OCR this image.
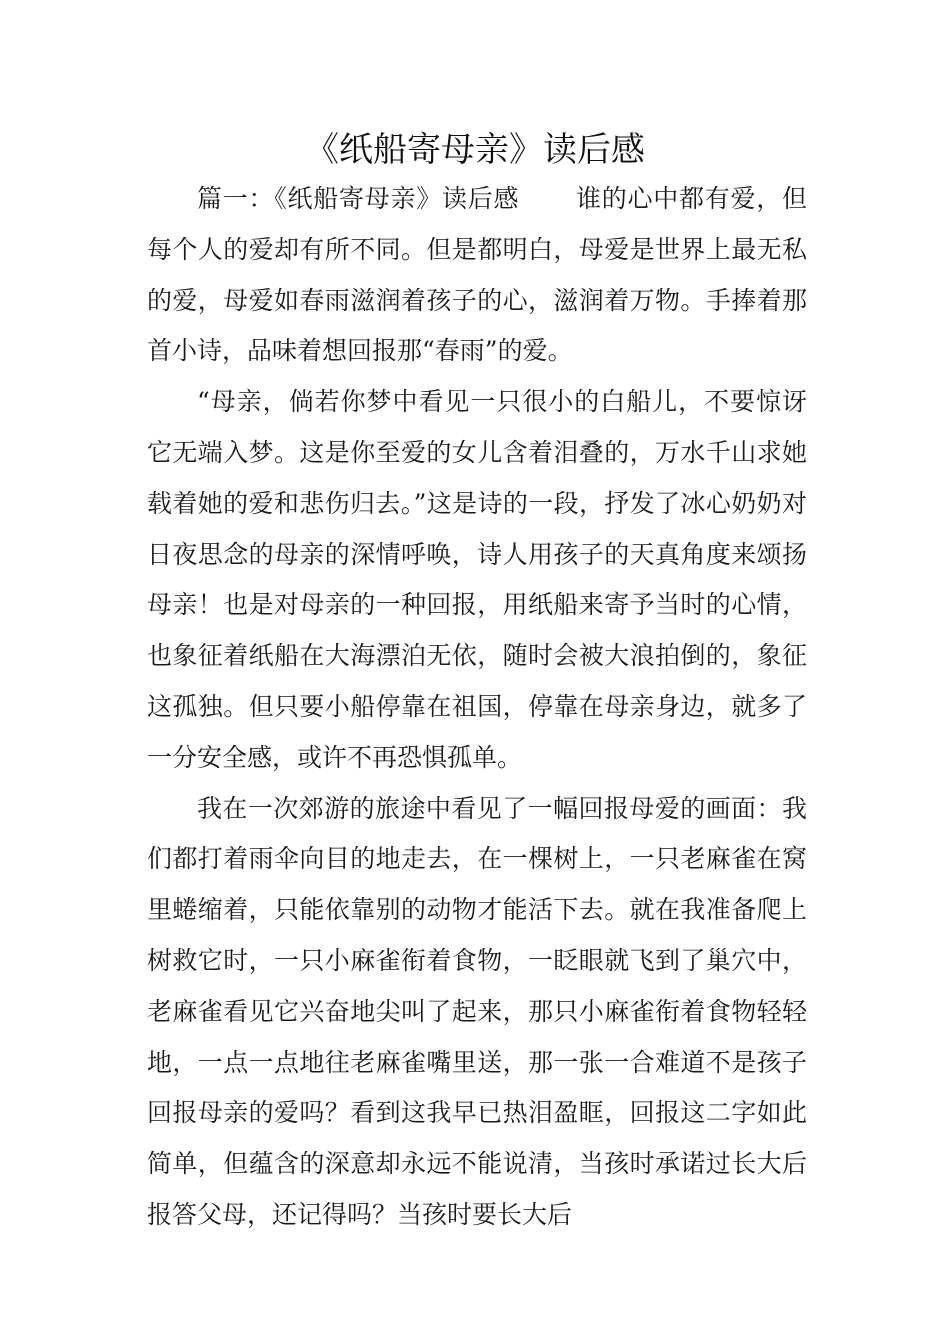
《纸船寄母亲》读后感

篇一：《纸船寄母亲》读后感 谁的心中都有爱，但每个人的爱却有所不同。但是都明白，母爱是世界上最无私的爱，母爱如春雨滋润着孩子的心，滋润着万物。手捧着那首小诗，品味着想回报那“春雨”的爱。

“母亲，倘若你梦中看见一只很小的白船儿，不要惊讶它无端入梦。这是你至爱的女儿含着泪叠的，万水千山求她载着她的爱和悲伤归去。”这是诗的一段，抒发了冰心奶奶对日夜思念的母亲的深情呼唤，诗人用孩子的天真角度来颂扬母亲！也是对母亲的一种回报，用纸船来寄予当时的心情，也象征着纸船在大海漂泊无依，随时会被大浪拍倒的，象征这孤独。但只要小船停靠在祖国，停靠在母亲身边，就多了一分安全感，或许不再恐惧孤单。

我在一次郊游的旅途中看见了一幅回报母爱的画面：我们都打着雨伞向目的地走去，在一棵树上，一只老麻雀在窝里蜷缩着，只能依靠别的动物才能活下去。就在我准备爬上树救它时，一只小麻雀衔着食物，一眨眼就飞到了巢穴中，老麻雀看见它兴奋地尖叫了起来，那只小麻雀衔着食物轻轻地，一点一点地往老麻雀嘴里送，那一张一合难道不是孩子回报母亲的爱吗？看到这我早已热泪盈眶，回报这二字如此简单，但蕴含的深意却永远不能说清，当孩时承诺过长大后报答父母，还记得吗？当孩时要长大后
